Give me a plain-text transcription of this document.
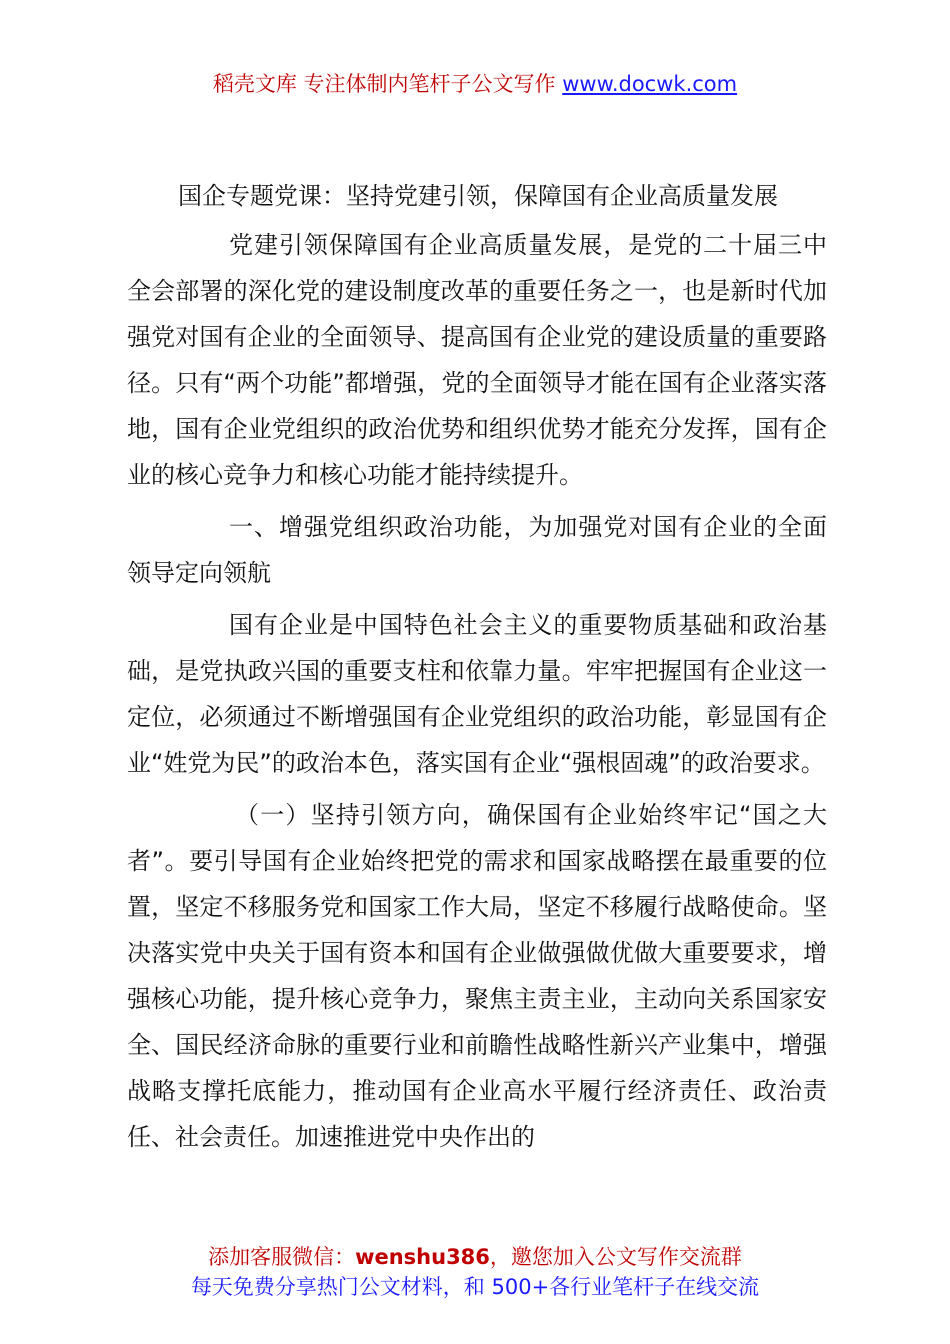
稻壳文库 专注体制内笔杆子公文写作 www.docwk.com
国企专题党课：坚持党建引领，保障国有企业高质量发展

党建引领保障国有企业高质量发展，是党的二十届三中全会部署的深化党的建设制度改革的重要任务之一，也是新时代加强党对国有企业的全面领导、提高国有企业党的建设质量的重要路径。只有“两个功能”都增强，党的全面领导才能在国有企业落实落地，国有企业党组织的政治优势和组织优势才能充分发挥，国有企业的核心竞争力和核心功能才能持续提升。

一、增强党组织政治功能，为加强党对国有企业的全面领导定向领航

国有企业是中国特色社会主义的重要物质基础和政治基础，是党执政兴国的重要支柱和依靠力量。牢牢把握国有企业这一定位，必须通过不断增强国有企业党组织的政治功能，彰显国有企业“姓党为民”的政治本色，落实国有企业“强根固魂”的政治要求。

（一）坚持引领方向，确保国有企业始终牢记“国之大者”。要引导国有企业始终把党的需求和国家战略摆在最重要的位置，坚定不移服务党和国家工作大局，坚定不移履行战略使命。坚决落实党中央关于国有资本和国有企业做强做优做大重要要求，增强核心功能，提升核心竞争力，聚焦主责主业，主动向关系国家安全、国民经济命脉的重要行业和前瞻性战略性新兴产业集中，增强战略支撑托底能力，推动国有企业高水平履行经济责任、政治责任、社会责任。加速推进党中央作出的

添加客服微信：wenshu386，邀您加入公文写作交流群
每天免费分享热门公文材料，和 500+各行业笔杆子在线交流
